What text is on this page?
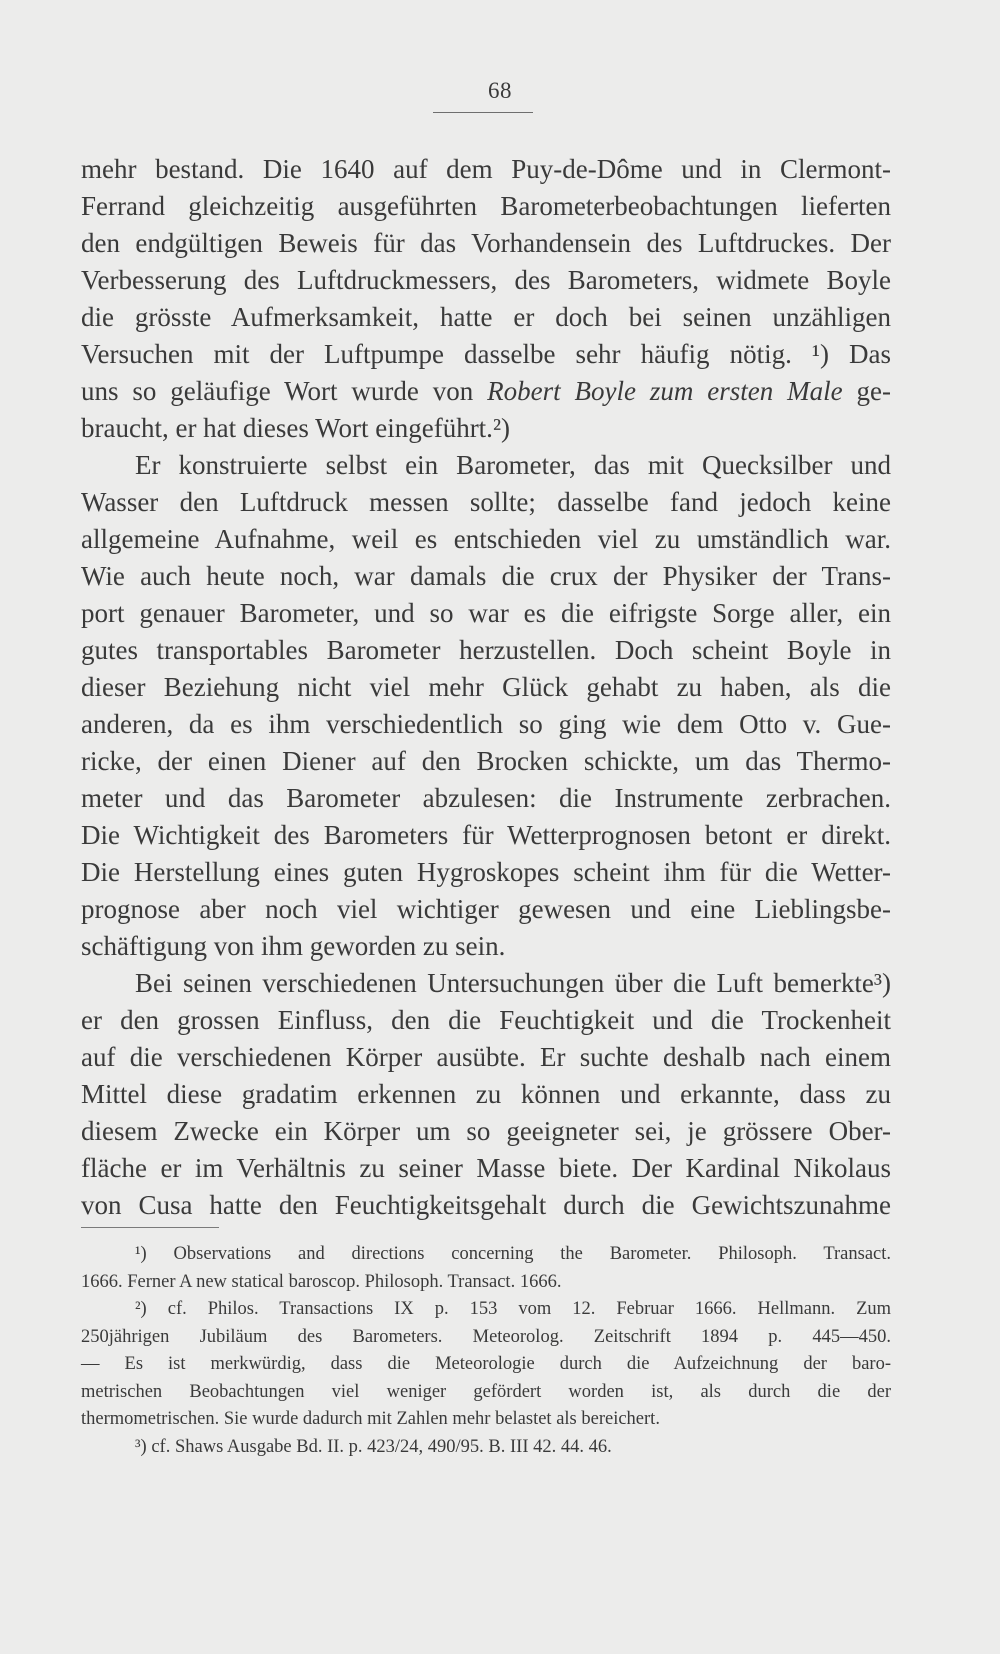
68
mehr bestand. Die 1640 auf dem Puy-de-Dôme und in Clermont-
Ferrand gleichzeitig ausgeführten Barometerbeobachtungen lieferten
den endgültigen Beweis für das Vorhandensein des Luftdruckes. Der
Verbesserung des Luftdruckmessers, des Barometers, widmete Boyle
die grösste Aufmerksamkeit, hatte er doch bei seinen unzähligen
Versuchen mit der Luftpumpe dasselbe sehr häufig nötig. ¹) Das
uns so geläufige Wort wurde von Robert Boyle zum ersten Male ge-
braucht, er hat dieses Wort eingeführt.²)
Er konstruierte selbst ein Barometer, das mit Quecksilber und
Wasser den Luftdruck messen sollte; dasselbe fand jedoch keine
allgemeine Aufnahme, weil es entschieden viel zu umständlich war.
Wie auch heute noch, war damals die crux der Physiker der Trans-
port genauer Barometer, und so war es die eifrigste Sorge aller, ein
gutes transportables Barometer herzustellen. Doch scheint Boyle in
dieser Beziehung nicht viel mehr Glück gehabt zu haben, als die
anderen, da es ihm verschiedentlich so ging wie dem Otto v. Gue-
ricke, der einen Diener auf den Brocken schickte, um das Thermo-
meter und das Barometer abzulesen: die Instrumente zerbrachen.
Die Wichtigkeit des Barometers für Wetterprognosen betont er direkt.
Die Herstellung eines guten Hygroskopes scheint ihm für die Wetter-
prognose aber noch viel wichtiger gewesen und eine Lieblingsbe-
schäftigung von ihm geworden zu sein.
Bei seinen verschiedenen Untersuchungen über die Luft bemerkte³)
er den grossen Einfluss, den die Feuchtigkeit und die Trockenheit
auf die verschiedenen Körper ausübte. Er suchte deshalb nach einem
Mittel diese gradatim erkennen zu können und erkannte, dass zu
diesem Zwecke ein Körper um so geeigneter sei, je grössere Ober-
fläche er im Verhältnis zu seiner Masse biete. Der Kardinal Nikolaus
von Cusa hatte den Feuchtigkeitsgehalt durch die Gewichtszunahme
¹) Observations and directions concerning the Barometer. Philosoph. Transact.
1666. Ferner A new statical baroscop. Philosoph. Transact. 1666.
²) cf. Philos. Transactions IX p. 153 vom 12. Februar 1666. Hellmann. Zum
250jährigen Jubiläum des Barometers. Meteorolog. Zeitschrift 1894 p. 445—450.
— Es ist merkwürdig, dass die Meteorologie durch die Aufzeichnung der baro-
metrischen Beobachtungen viel weniger gefördert worden ist, als durch die der
thermometrischen. Sie wurde dadurch mit Zahlen mehr belastet als bereichert.
³) cf. Shaws Ausgabe Bd. II. p. 423/24, 490/95. B. III 42. 44. 46.
